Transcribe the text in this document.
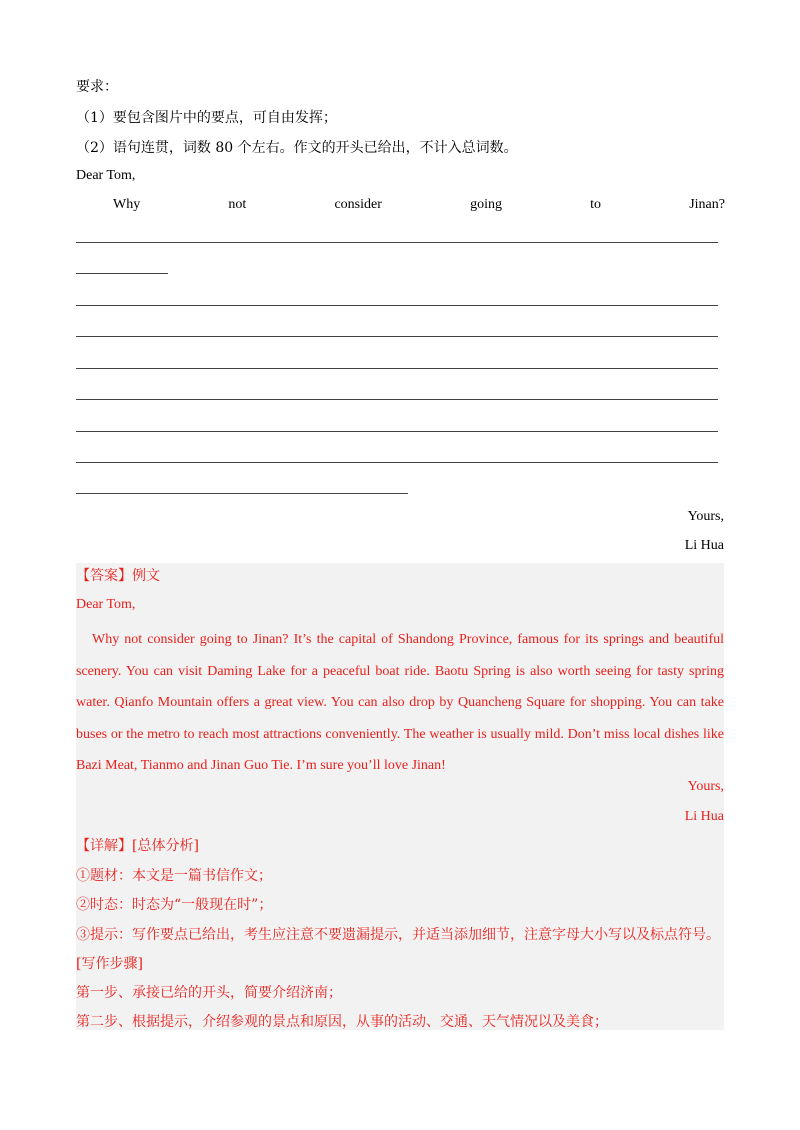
要求：
（1）要包含图片中的要点，可自由发挥；
（2）语句连贯，词数 80 个左右。作文的开头已给出，不计入总词数。
Dear Tom,
Why	not	consider	going	to	Jinan?
Yours,
Li Hua
【答案】例文
Dear Tom,
Why not consider going to Jinan? It’s the capital of Shandong Province, famous for its springs and beautiful scenery. You can visit Daming Lake for a peaceful boat ride. Baotu Spring is also worth seeing for tasty spring water. Qianfo Mountain offers a great view. You can also drop by Quancheng Square for shopping. You can take buses or the metro to reach most attractions conveniently. The weather is usually mild. Don’t miss local dishes like Bazi Meat, Tianmo and Jinan Guo Tie. I’m sure you’ll love Jinan!
Yours,
Li Hua
【详解】[总体分析]
①题材：本文是一篇书信作文；
②时态：时态为“一般现在时”；
③提示：写作要点已给出，考生应注意不要遗漏提示，并适当添加细节，注意字母大小写以及标点符号。
[写作步骤]
第一步、承接已给的开头，简要介绍济南；
第二步、根据提示，介绍参观的景点和原因，从事的活动、交通、天气情况以及美食；
